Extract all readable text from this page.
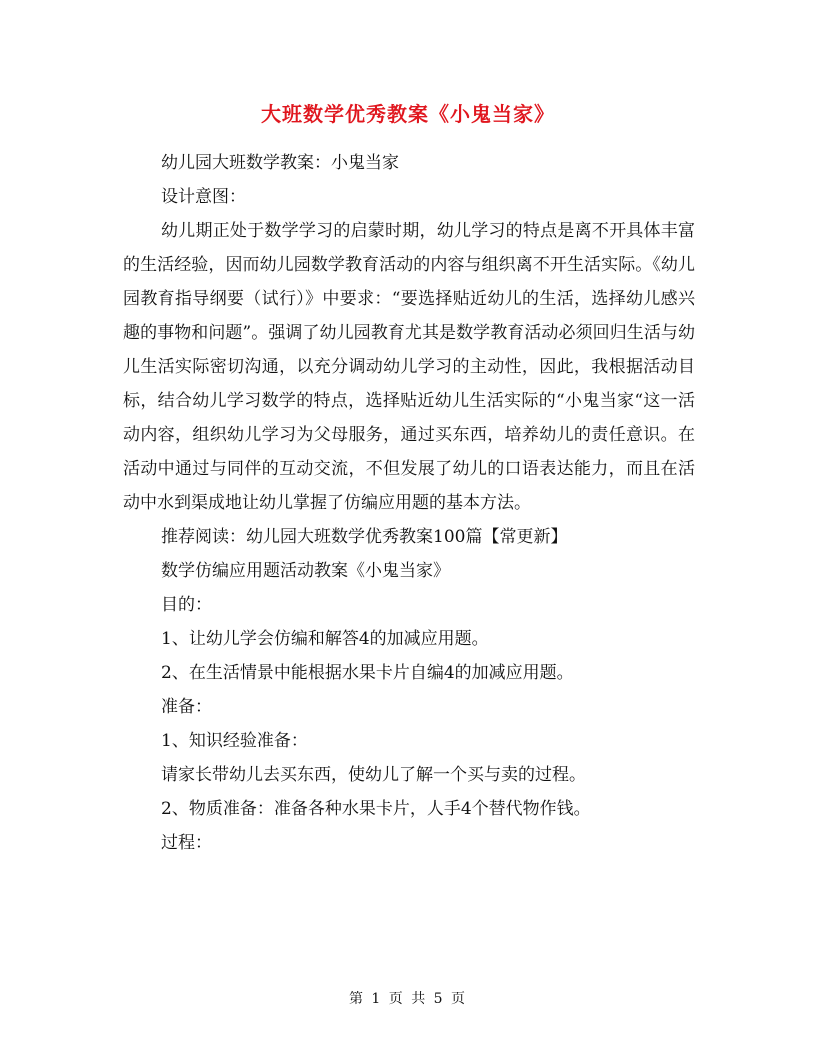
大班数学优秀教案《小鬼当家》

幼儿园大班数学教案：小鬼当家

设计意图：

幼儿期正处于数学学习的启蒙时期，幼儿学习的特点是离不开具体丰富的生活经验，因而幼儿园数学教育活动的内容与组织离不开生活实际。《幼儿园教育指导纲要（试行）》中要求：“要选择贴近幼儿的生活，选择幼儿感兴趣的事物和问题”。强调了幼儿园教育尤其是数学教育活动必须回归生活与幼儿生活实际密切沟通，以充分调动幼儿学习的主动性，因此，我根据活动目标，结合幼儿学习数学的特点，选择贴近幼儿生活实际的“小鬼当家“这一活动内容，组织幼儿学习为父母服务，通过买东西，培养幼儿的责任意识。在活动中通过与同伴的互动交流，不但发展了幼儿的口语表达能力，而且在活动中水到渠成地让幼儿掌握了仿编应用题的基本方法。

推荐阅读：幼儿园大班数学优秀教案100篇【常更新】

数学仿编应用题活动教案《小鬼当家》

目的：

1、让幼儿学会仿编和解答4的加减应用题。

2、在生活情景中能根据水果卡片自编4的加减应用题。

准备：

1、知识经验准备：

请家长带幼儿去买东西，使幼儿了解一个买与卖的过程。

2、物质准备：准备各种水果卡片，人手4个替代物作钱。

过程：

第 1 页 共 5 页
